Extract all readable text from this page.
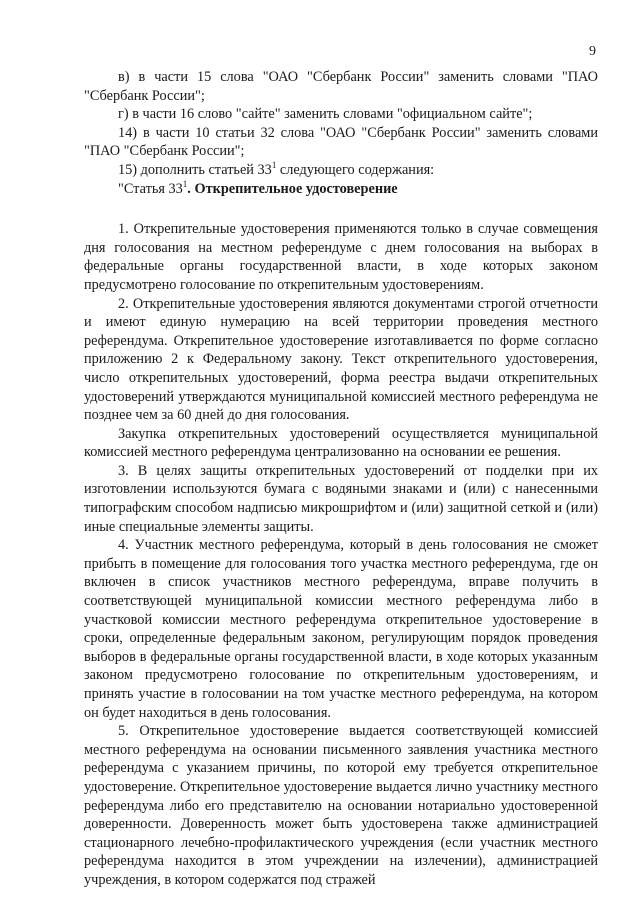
9

в) в части 15 слова "ОАО "Сбербанк России" заменить словами "ПАО "Сбербанк России";

г) в части 16 слово "сайте" заменить словами "официальном сайте";

14) в части 10 статьи 32 слова "ОАО "Сбербанк России" заменить словами "ПАО "Сбербанк России";

15) дополнить статьей $33^1$ следующего содержания:

"Статья $33^1$. Открепительное удостоверение

1. Открепительные удостоверения применяются только в случае совмещения дня голосования на местном референдуме с днем голосования на выборах в федеральные органы государственной власти, в ходе которых законом предусмотрено голосование по открепительным удостоверениям.

2. Открепительные удостоверения являются документами строгой отчетности и имеют единую нумерацию на всей территории проведения местного референдума. Открепительное удостоверение изготавливается по форме согласно приложению 2 к Федеральному закону. Текст открепительного удостоверения, число открепительных удостоверений, форма реестра выдачи открепительных удостоверений утверждаются муниципальной комиссией местного референдума не позднее чем за 60 дней до дня голосования.

Закупка открепительных удостоверений осуществляется муниципальной комиссией местного референдума централизованно на основании ее решения.

3. В целях защиты открепительных удостоверений от подделки при их изготовлении используются бумага с водяными знаками и (или) с нанесенными типографским способом надписью микрошрифтом и (или) защитной сеткой и (или) иные специальные элементы защиты.

4. Участник местного референдума, который в день голосования не сможет прибыть в помещение для голосования того участка местного референдума, где он включен в список участников местного референдума, вправе получить в соответствующей муниципальной комиссии местного референдума либо в участковой комиссии местного референдума открепительное удостоверение в сроки, определенные федеральным законом, регулирующим порядок проведения выборов в федеральные органы государственной власти, в ходе которых указанным законом предусмотрено голосование по открепительным удостоверениям, и принять участие в голосовании на том участке местного референдума, на котором он будет находиться в день голосования.

5. Открепительное удостоверение выдается соответствующей комиссией местного референдума на основании письменного заявления участника местного референдума с указанием причины, по которой ему требуется открепительное удостоверение. Открепительное удостоверение выдается лично участнику местного референдума либо его представителю на основании нотариально удостоверенной доверенности. Доверенность может быть удостоверена также администрацией стационарного лечебно-профилактического учреждения (если участник местного референдума находится в этом учреждении на излечении), администрацией учреждения, в котором содержатся под стражей
